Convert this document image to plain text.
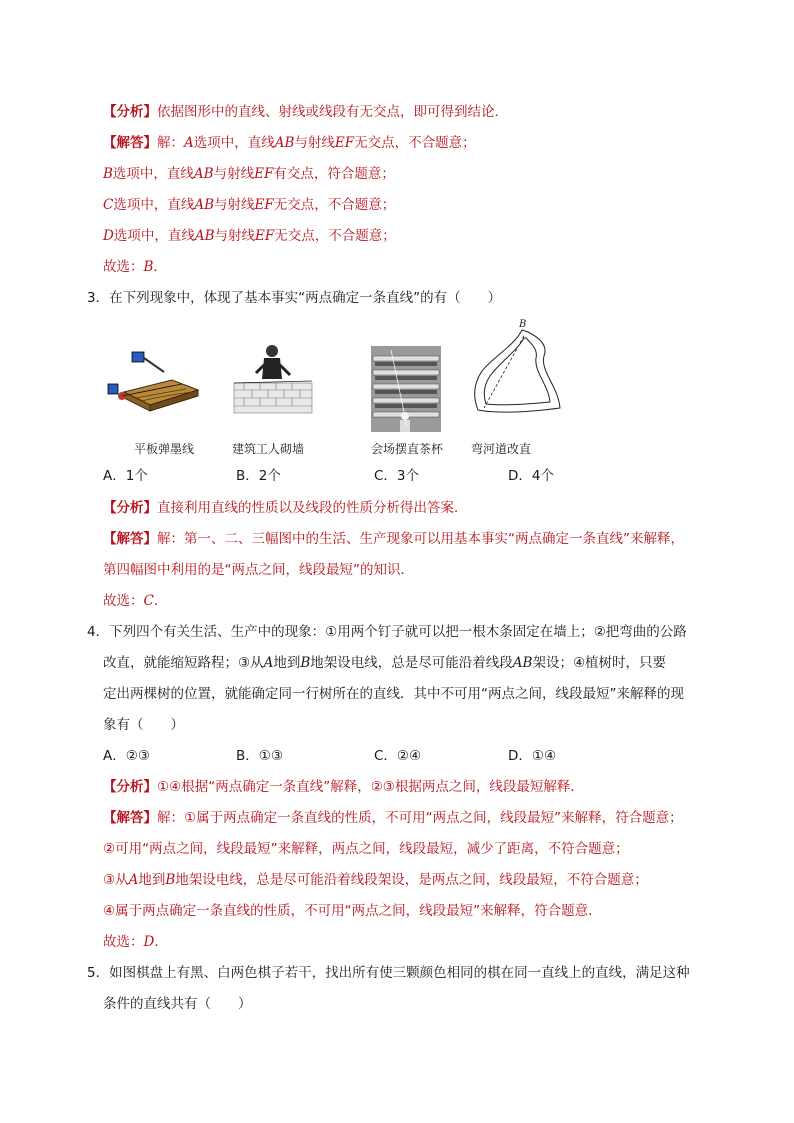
【分析】依据图形中的直线、射线或线段有无交点，即可得到结论．
【解答】解：A选项中，直线AB与射线EF无交点，不合题意；
B选项中，直线AB与射线EF有交点，符合题意；
C选项中，直线AB与射线EF无交点，不合题意；
D选项中，直线AB与射线EF无交点，不合题意；
故选：B．
3．在下列现象中，体现了基本事实“两点确定一条直线”的有（　　）
B
平板弹墨线	建筑工人砌墙	会场摆直茶杯 弯河道改直
A．1个	B．2个	C．3个	D．4个
【分析】直接利用直线的性质以及线段的性质分析得出答案．
【解答】解：第一、二、三幅图中的生活、生产现象可以用基本事实“两点确定一条直线”来解释，
第四幅图中利用的是“两点之间，线段最短”的知识．
故选：C．
4．下列四个有关生活、生产中的现象：①用两个钉子就可以把一根木条固定在墙上；②把弯曲的公路
改直，就能缩短路程；③从A地到B地架设电线，总是尽可能沿着线段AB架设；④植树时，只要
定出两棵树的位置，就能确定同一行树所在的直线．其中不可用“两点之间，线段最短”来解释的现
象有（　　）
A．②③	B．①③	C．②④	D．①④
【分析】①④根据“两点确定一条直线”解释，②③根据两点之间，线段最短解释．
【解答】解：①属于两点确定一条直线的性质，不可用“两点之间，线段最短”来解释，符合题意；
②可用“两点之间，线段最短”来解释，两点之间，线段最短，减少了距离，不符合题意；
③从A地到B地架设电线，总是尽可能沿着线段架设，是两点之间，线段最短，不符合题意；
④属于两点确定一条直线的性质，不可用“两点之间，线段最短”来解释，符合题意．
故选：D．
5．如图棋盘上有黑、白两色棋子若干，找出所有使三颗颜色相同的棋在同一直线上的直线，满足这种
条件的直线共有（　　）
